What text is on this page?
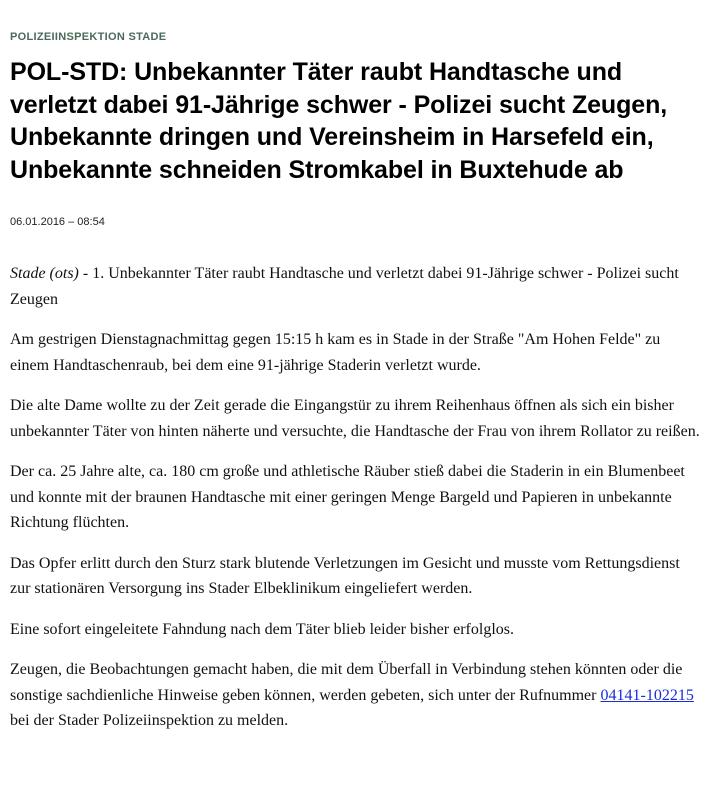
POLIZEIINSPEKTION STADE

POL-STD: Unbekannter Täter raubt Handtasche und verletzt dabei 91-Jährige schwer - Polizei sucht Zeugen, Unbekannte dringen und Vereinsheim in Harsefeld ein, Unbekannte schneiden Stromkabel in Buxtehude ab

06.01.2016 – 08:54

Stade (ots) - 1. Unbekannter Täter raubt Handtasche und verletzt dabei 91-Jährige schwer - Polizei sucht Zeugen

Am gestrigen Dienstagnachmittag gegen 15:15 h kam es in Stade in der Straße "Am Hohen Felde" zu einem Handtaschenraub, bei dem eine 91-jährige Staderin verletzt wurde.

Die alte Dame wollte zu der Zeit gerade die Eingangstür zu ihrem Reihenhaus öffnen als sich ein bisher unbekannter Täter von hinten näherte und versuchte, die Handtasche der Frau von ihrem Rollator zu reißen.

Der ca. 25 Jahre alte, ca. 180 cm große und athletische Räuber stieß dabei die Staderin in ein Blumenbeet und konnte mit der braunen Handtasche mit einer geringen Menge Bargeld und Papieren in unbekannte Richtung flüchten.

Das Opfer erlitt durch den Sturz stark blutende Verletzungen im Gesicht und musste vom Rettungsdienst zur stationären Versorgung ins Stader Elbeklinikum eingeliefert werden.

Eine sofort eingeleitete Fahndung nach dem Täter blieb leider bisher erfolglos.

Zeugen, die Beobachtungen gemacht haben, die mit dem Überfall in Verbindung stehen könnten oder die sonstige sachdienliche Hinweise geben können, werden gebeten, sich unter der Rufnummer 04141-102215 bei der Stader Polizeiinspektion zu melden.
